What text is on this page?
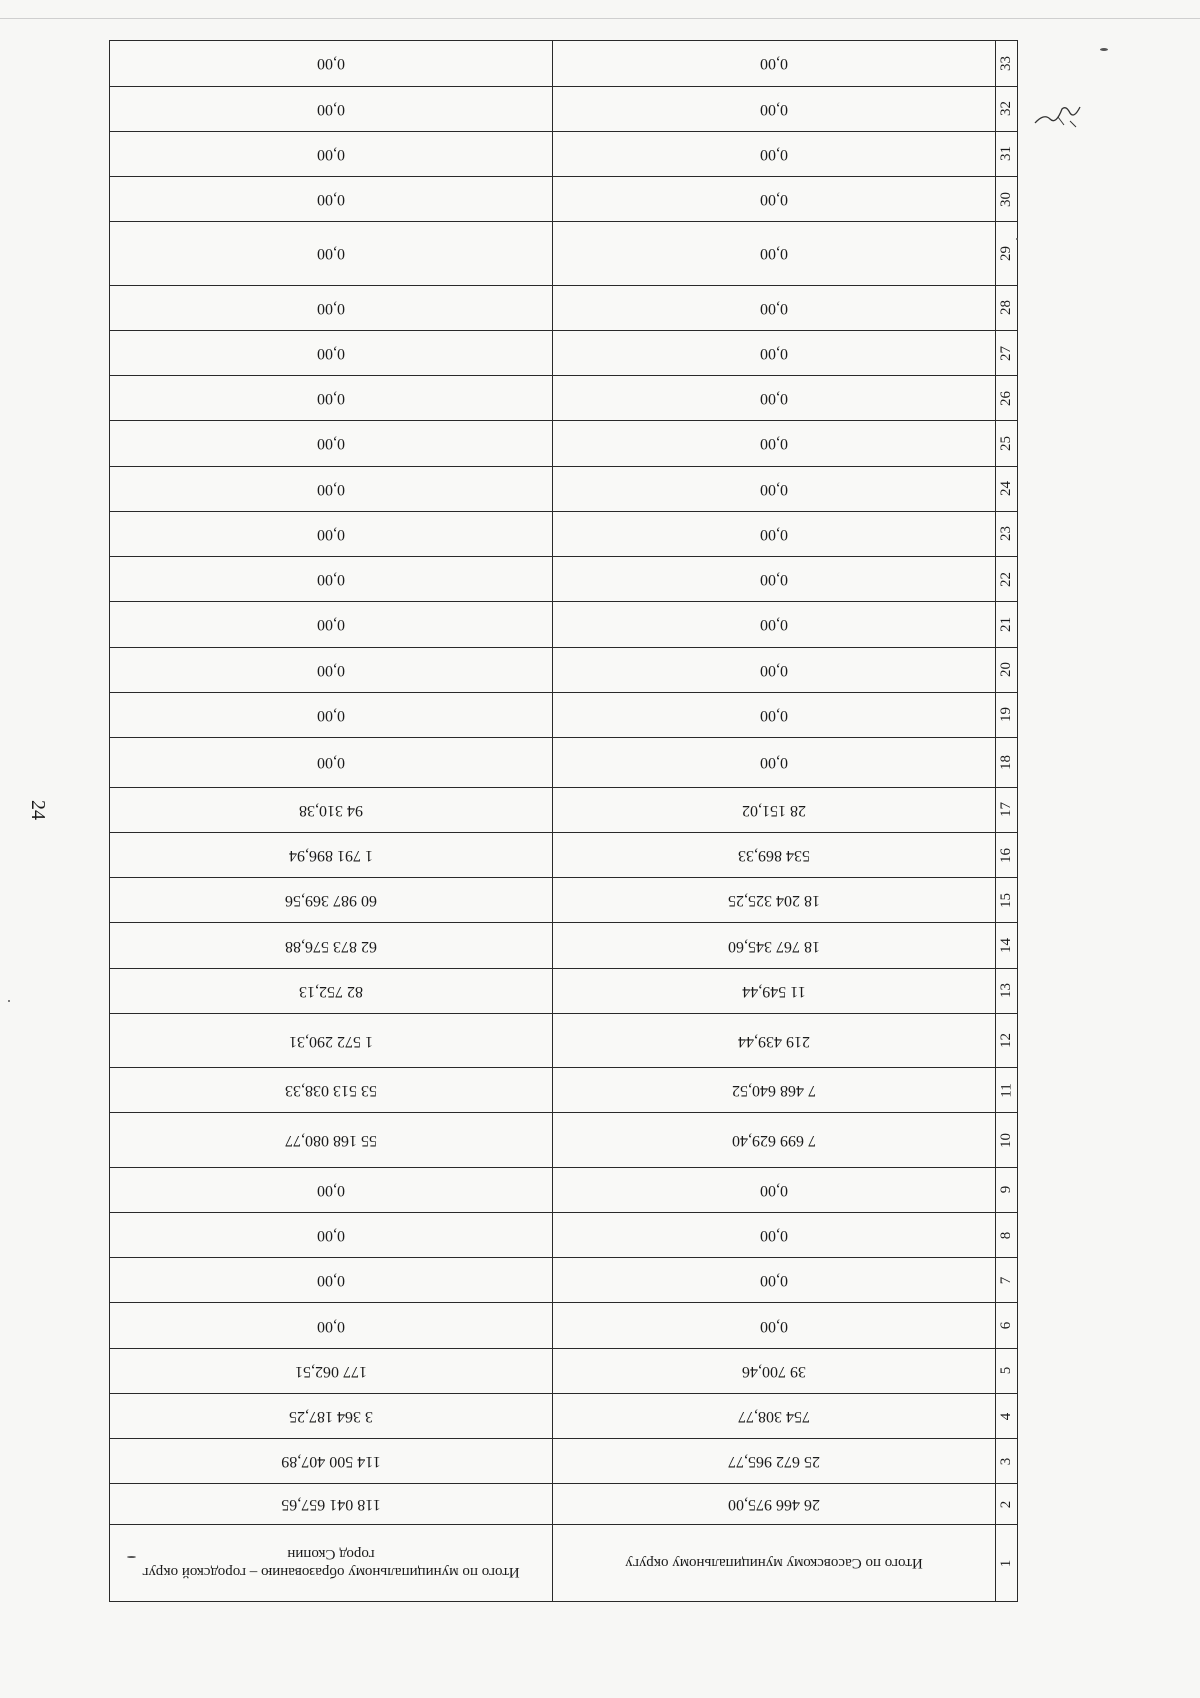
24
1	Итого по Сасовскому муниципальному округу	Итого по муниципальному образованию – городской округ город Скопин
2	26 466 975,00	118 041 657,65
3	25 672 965,77	114 500 407,89
4	754 308,77	3 364 187,25
5	39 700,46	177 062,51
6	0,00	0,00
7	0,00	0,00
8	0,00	0,00
9	0,00	0,00
10	7 699 629,40	55 168 080,77
11	7 468 640,52	53 513 038,33
12	219 439,44	1 572 290,31
13	11 549,44	82 752,13
14	18 767 345,60	62 873 576,88
15	18 204 325,25	60 987 369,56
16	534 869,33	1 791 896,94
17	28 151,02	94 310,38
18	0,00	0,00
19	0,00	0,00
20	0,00	0,00
21	0,00	0,00
22	0,00	0,00
23	0,00	0,00
24	0,00	0,00
25	0,00	0,00
26	0,00	0,00
27	0,00	0,00
28	0,00	0,00
29	0,00	0,00
30	0,00	0,00
31	0,00	0,00
32	0,00	0,00
33	0,00	0,00
